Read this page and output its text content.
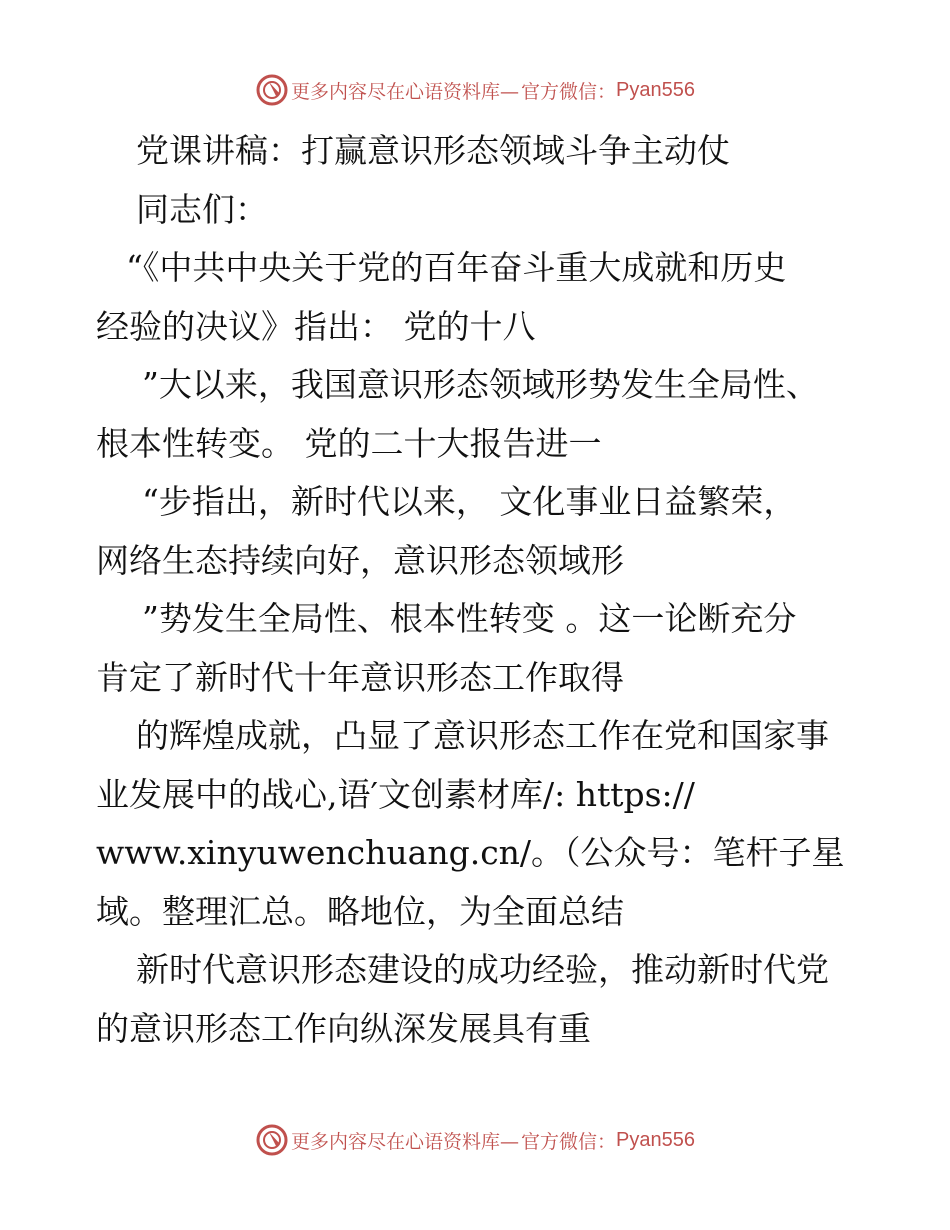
更多内容尽在心语资料库— 官方微信： Pyan556
党课讲稿：打赢意识形态领域斗争主动仗
同志们：
“《中共中央关于党的百年奋斗重大成就和历史
经验的决议》指出： 党的十八
”大以来，我国意识形态领域形势发生全局性、
根本性转变。 党的二十大报告进一
“步指出，新时代以来， 文化事业日益繁荣，
网络生态持续向好，意识形态领域形
”势发生全局性、根本性转变 。这一论断充分
肯定了新时代十年意识形态工作取得
的辉煌成就，凸显了意识形态工作在党和国家事
业发展中的战心,语′文创素材库/: https://
www.xinyuwenchuang.cn/。（公众号：笔杆子星
域。整理汇总。略地位，为全面总结
新时代意识形态建设的成功经验，推动新时代党
的意识形态工作向纵深发展具有重
更多内容尽在心语资料库— 官方微信： Pyan556
